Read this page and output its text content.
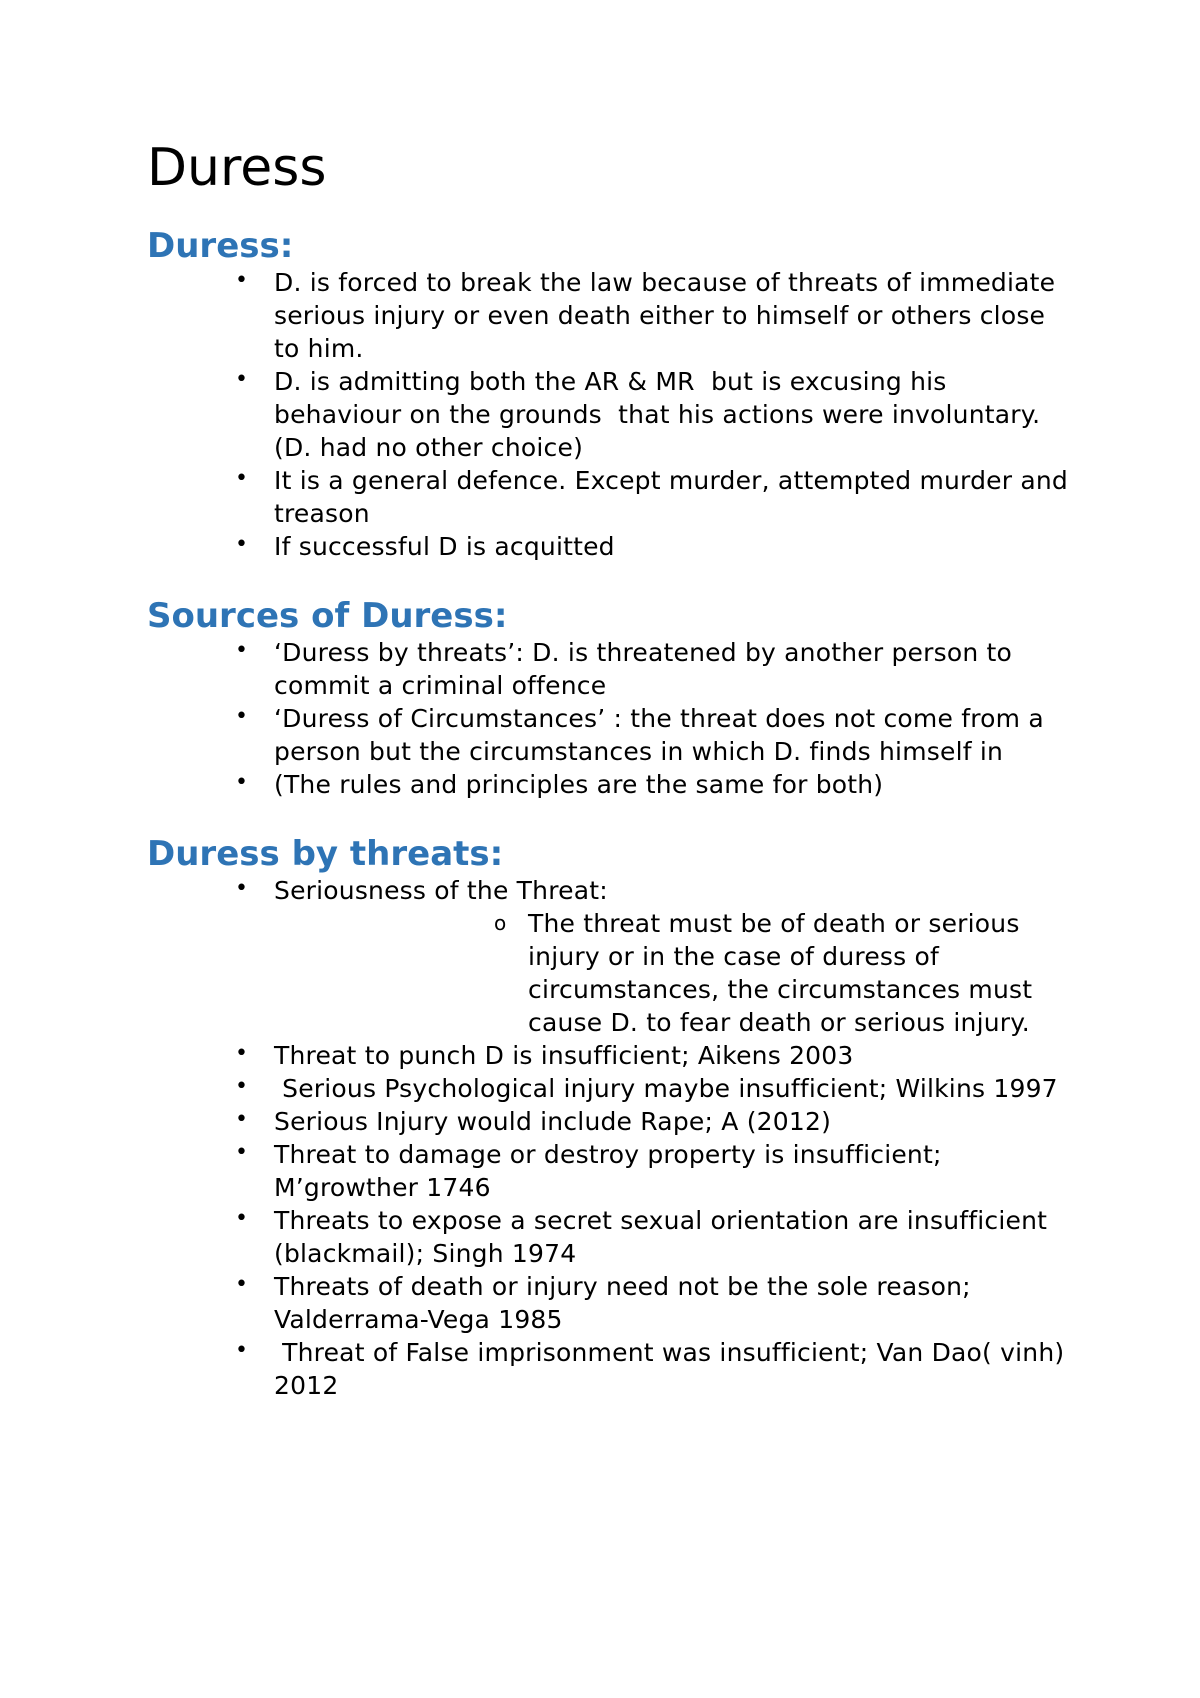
Duress
Duress:
• D. is forced to break the law because of threats of immediate serious injury or even death either to himself or others close to him.
• D. is admitting both the AR & MR  but is excusing his behaviour on the grounds  that his actions were involuntary. (D. had no other choice)
• It is a general defence. Except murder, attempted murder and treason
• If successful D is acquitted
Sources of Duress:
• ‘Duress by threats’: D. is threatened by another person to commit a criminal offence
• ‘Duress of Circumstances’ : the threat does not come from a person but the circumstances in which D. finds himself in
• (The rules and principles are the same for both)
Duress by threats:
• Seriousness of the Threat:
o The threat must be of death or serious injury or in the case of duress of circumstances, the circumstances must cause D. to fear death or serious injury.
• Threat to punch D is insufficient; Aikens 2003
• Serious Psychological injury maybe insufficient; Wilkins 1997
• Serious Injury would include Rape; A (2012)
• Threat to damage or destroy property is insufficient; M’growther 1746
• Threats to expose a secret sexual orientation are insufficient (blackmail); Singh 1974
• Threats of death or injury need not be the sole reason; Valderrama-Vega 1985
• Threat of False imprisonment was insufficient; Van Dao( vinh) 2012
